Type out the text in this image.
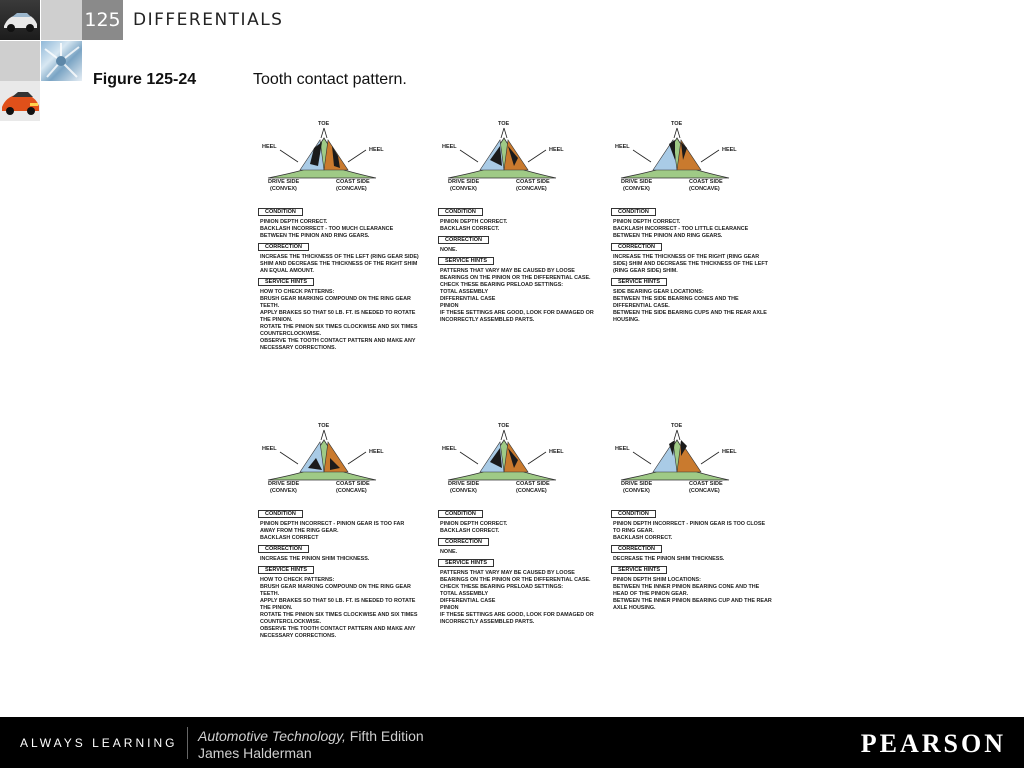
125 DIFFERENTIALS
Figure 125-24	Tooth contact pattern.
TOE
HEEL	HEEL
DRIVE SIDE
(CONVEX)
COAST SIDE
(CONCAVE)
CONDITION
PINION DEPTH CORRECT.
BACKLASH INCORRECT - TOO MUCH CLEARANCE BETWEEN THE PINION AND RING GEARS.
CORRECTION
INCREASE THE THICKNESS OF THE LEFT (RING GEAR SIDE) SHIM AND DECREASE THE THICKNESS OF THE RIGHT SHIM AN EQUAL AMOUNT.
SERVICE HINTS
HOW TO CHECK PATTERNS:
BRUSH GEAR MARKING COMPOUND ON THE RING GEAR TEETH.
APPLY BRAKES SO THAT 50 LB. FT. IS NEEDED TO ROTATE THE PINION.
ROTATE THE PINION SIX TIMES CLOCKWISE AND SIX TIMES COUNTERCLOCKWISE.
OBSERVE THE TOOTH CONTACT PATTERN AND MAKE ANY NECESSARY CORRECTIONS.
TOE
HEEL	HEEL
DRIVE SIDE
(CONVEX)
COAST SIDE
(CONCAVE)
CONDITION
PINION DEPTH CORRECT.
BACKLASH CORRECT.
CORRECTION
NONE.
SERVICE HINTS
PATTERNS THAT VARY MAY BE CAUSED BY LOOSE BEARINGS ON THE PINION OR THE DIFFERENTIAL CASE. CHECK THESE BEARING PRELOAD SETTINGS:
TOTAL ASSEMBLY
DIFFERENTIAL CASE
PINION
IF THESE SETTINGS ARE GOOD, LOOK FOR DAMAGED OR INCORRECTLY ASSEMBLED PARTS.
TOE
HEEL	HEEL
DRIVE SIDE
(CONVEX)
COAST SIDE
(CONCAVE)
CONDITION
PINION DEPTH CORRECT.
BACKLASH INCORRECT - TOO LITTLE CLEARANCE BETWEEN THE PINION AND RING GEARS.
CORRECTION
INCREASE THE THICKNESS OF THE RIGHT (RING GEAR SIDE) SHIM AND DECREASE THE THICKNESS OF THE LEFT (RING GEAR SIDE) SHIM.
SERVICE HINTS
SIDE BEARING GEAR LOCATIONS:
BETWEEN THE SIDE BEARING CONES AND THE DIFFERENTIAL CASE.
BETWEEN THE SIDE BEARING CUPS AND THE REAR AXLE HOUSING.
TOE
HEEL	HEEL
DRIVE SIDE
(CONVEX)
COAST SIDE
(CONCAVE)
CONDITION
PINION DEPTH INCORRECT - PINION GEAR IS TOO FAR AWAY FROM THE RING GEAR.
BACKLASH CORRECT
CORRECTION
INCREASE THE PINION SHIM THICKNESS.
SERVICE HINTS
HOW TO CHECK PATTERNS:
BRUSH GEAR MARKING COMPOUND ON THE RING GEAR TEETH.
APPLY BRAKES SO THAT 50 LB. FT. IS NEEDED TO ROTATE THE PINION.
ROTATE THE PINION SIX TIMES CLOCKWISE AND SIX TIMES COUNTERCLOCKWISE.
OBSERVE THE TOOTH CONTACT PATTERN AND MAKE ANY NECESSARY CORRECTIONS.
TOE
HEEL	HEEL
DRIVE SIDE
(CONVEX)
COAST SIDE
(CONCAVE)
CONDITION
PINION DEPTH CORRECT.
BACKLASH CORRECT.
CORRECTION
NONE.
SERVICE HINTS
PATTERNS THAT VARY MAY BE CAUSED BY LOOSE BEARINGS ON THE PINION OR THE DIFFERENTIAL CASE. CHECK THESE BEARING PRELOAD SETTINGS:
TOTAL ASSEMBLY
DIFFERENTIAL CASE
PINION
IF THESE SETTINGS ARE GOOD, LOOK FOR DAMAGED OR INCORRECTLY ASSEMBLED PARTS.
TOE
HEEL	HEEL
DRIVE SIDE
(CONVEX)
COAST SIDE
(CONCAVE)
CONDITION
PINION DEPTH INCORRECT - PINION GEAR IS TOO CLOSE TO RING GEAR.
BACKLASH CORRECT.
CORRECTION
DECREASE THE PINION SHIM THICKNESS.
SERVICE HINTS
PINION DEPTH SHIM LOCATIONS:
BETWEEN THE INNER PINION BEARING CONE AND THE HEAD OF THE PINION GEAR.
BETWEEN THE INNER PINION BEARING CUP AND THE REAR AXLE HOUSING.
ALWAYS LEARNING Automotive Technology, Fifth Edition
James Halderman	PEARSON
